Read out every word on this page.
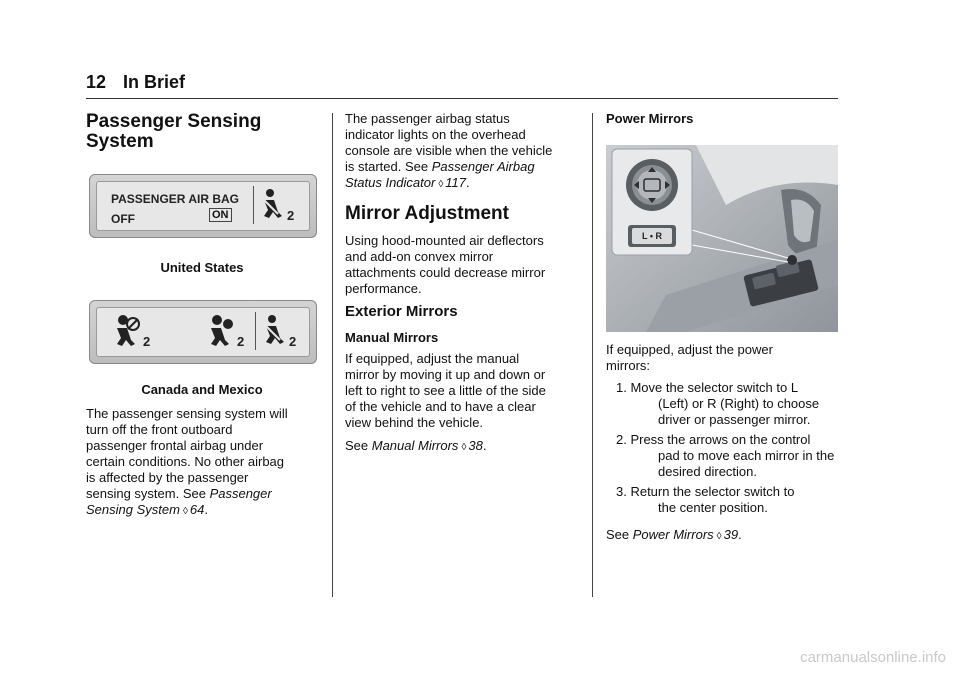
12 In Brief
Passenger Sensing
System
PASSENGER AIR BAG
OFF	ON	2
United States
2	2	2
Canada and Mexico
The passenger sensing system will
turn off the front outboard
passenger frontal airbag under
certain conditions. No other airbag
is affected by the passenger
sensing system. See Passenger
Sensing System ◊ 64.
The passenger airbag status
indicator lights on the overhead
console are visible when the vehicle
is started. See Passenger Airbag
Status Indicator ◊ 117.
Mirror Adjustment
Using hood-mounted air deflectors
and add-on convex mirror
attachments could decrease mirror
performance.
Exterior Mirrors
Manual Mirrors
If equipped, adjust the manual
mirror by moving it up and down or
left to right to see a little of the side
of the vehicle and to have a clear
view behind the vehicle.
See Manual Mirrors ◊ 38.
Power Mirrors
L • R
If equipped, adjust the power
mirrors:
1. Move the selector switch to L
(Left) or R (Right) to choose
driver or passenger mirror.
2. Press the arrows on the control
pad to move each mirror in the
desired direction.
3. Return the selector switch to
the center position.
See Power Mirrors ◊ 39.
carmanualsonline.info
